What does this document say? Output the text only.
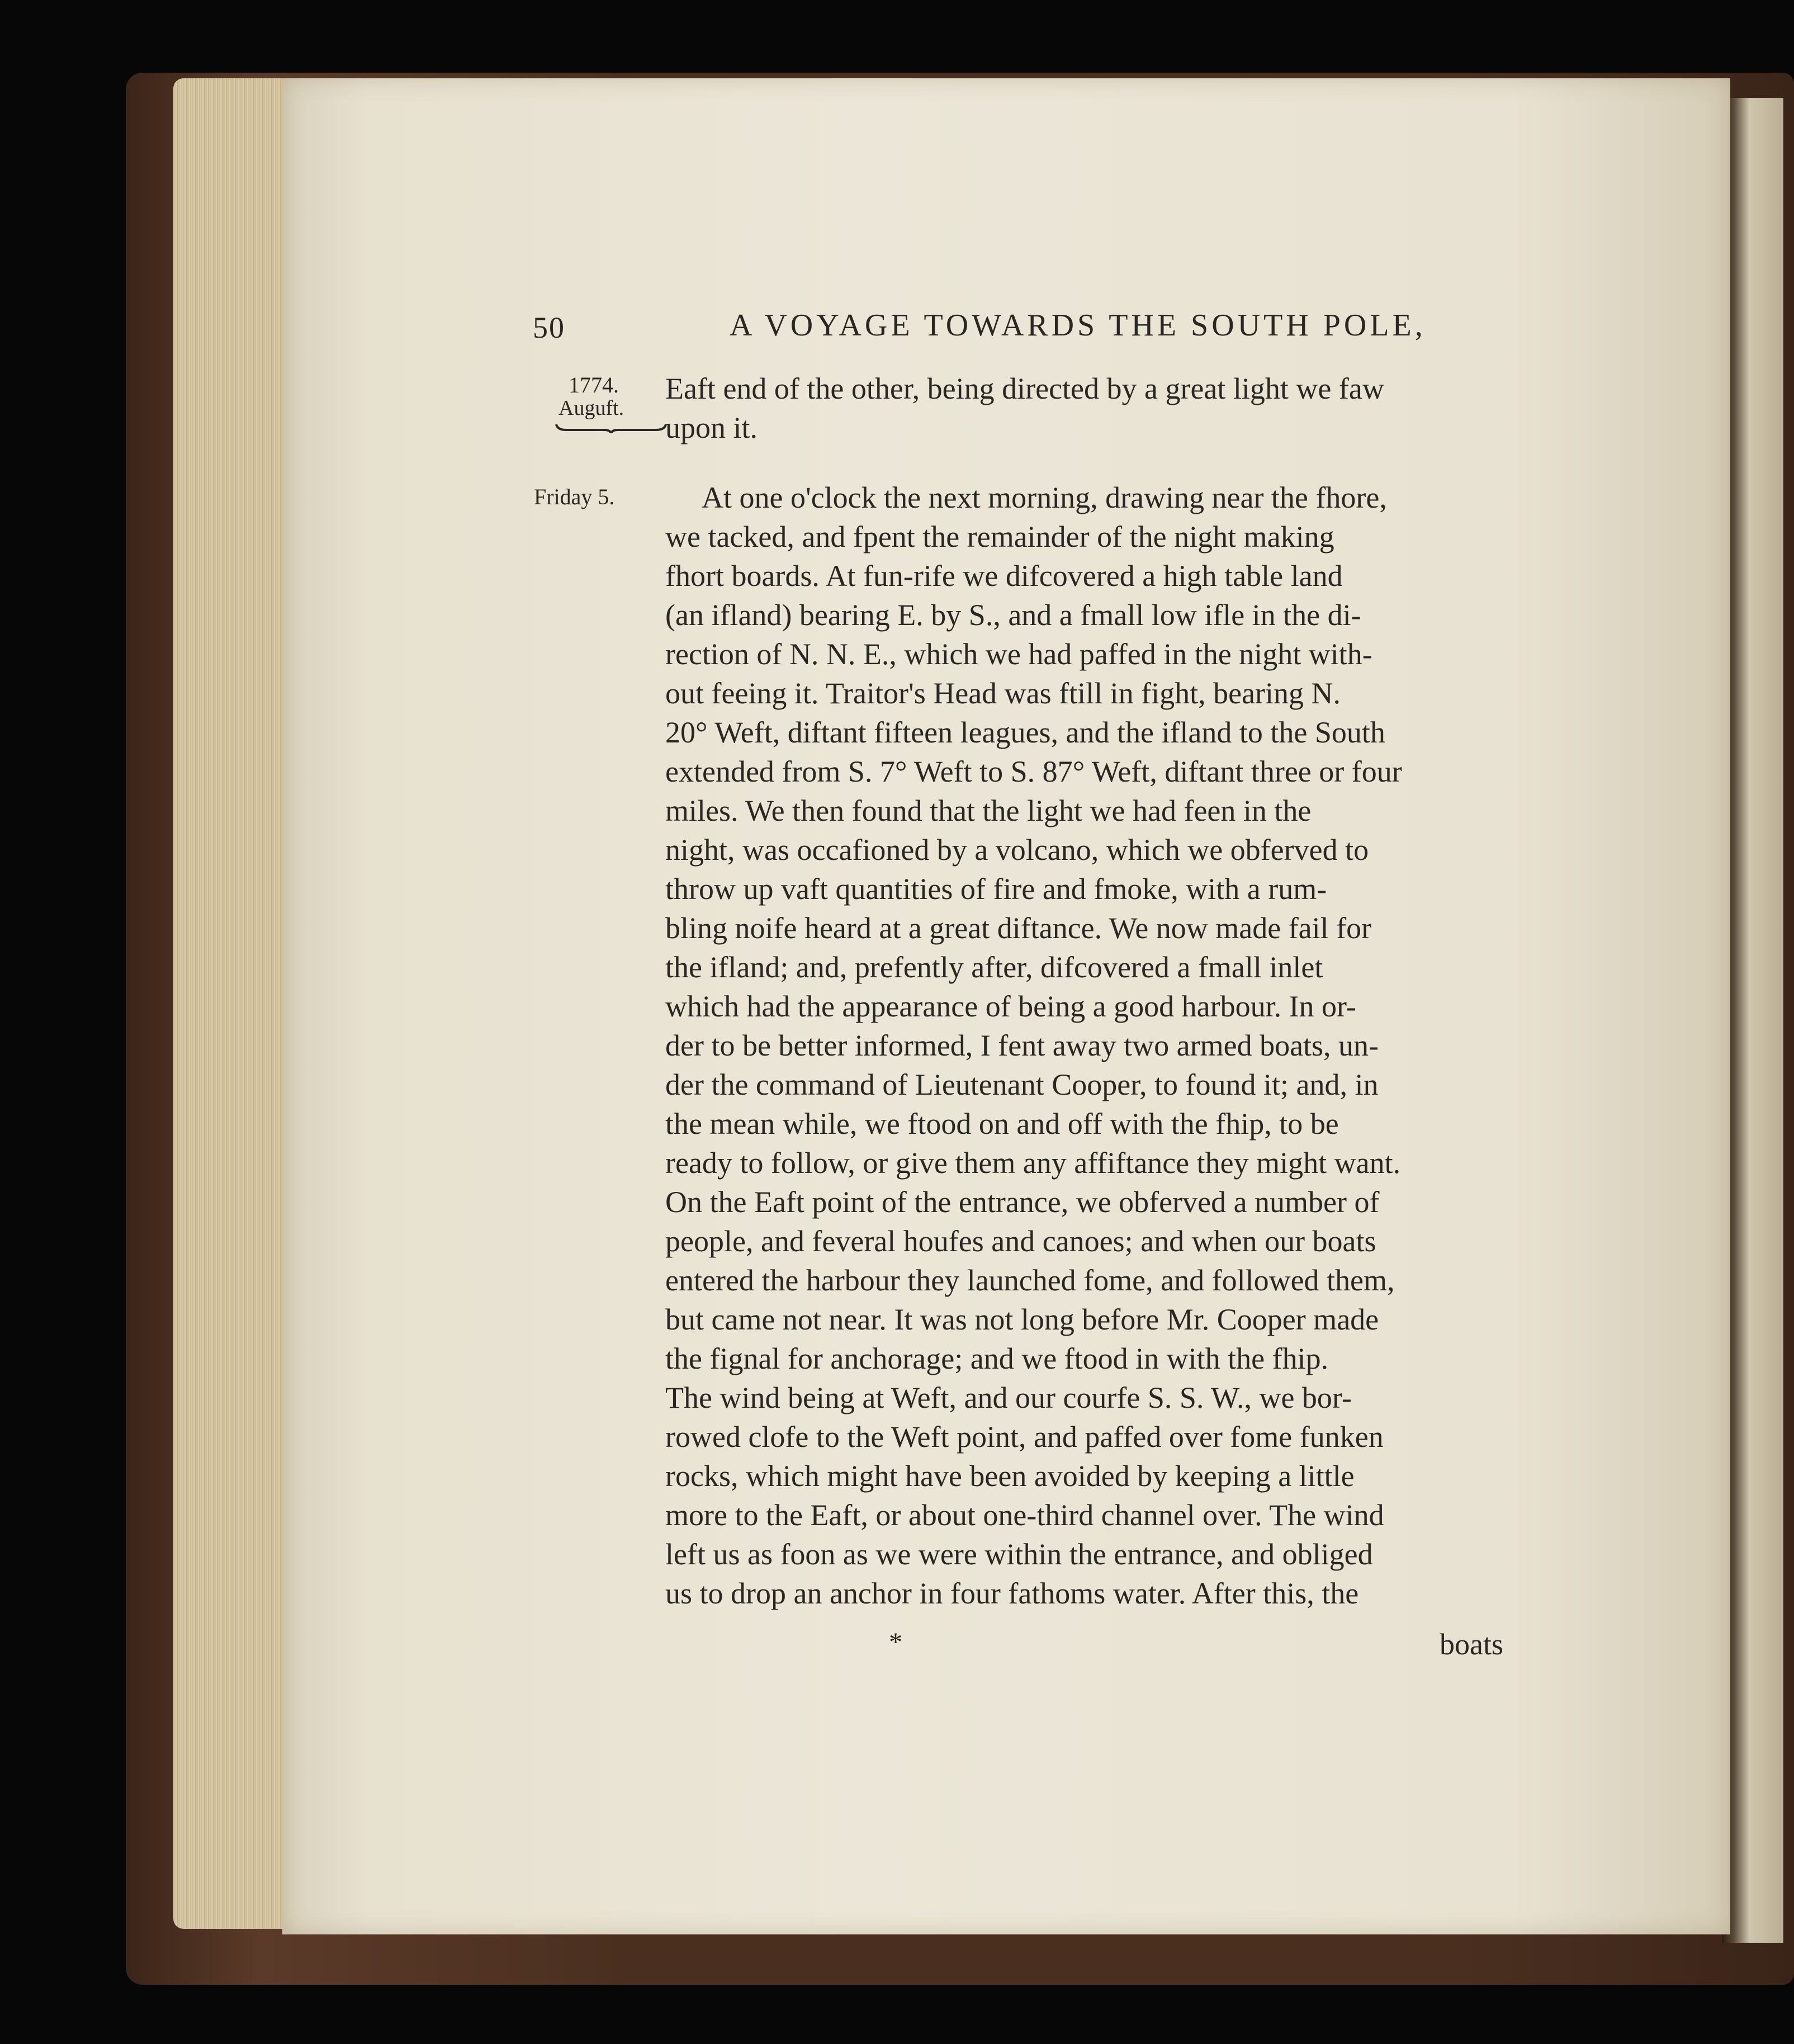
50	A VOYAGE TOWARDS THE SOUTH POLE,
1774.
Auguft.
Friday 5.
Eaft end of the other, being directed by a great light we faw
upon it.
At one o'clock the next morning, drawing near the fhore,
we tacked, and fpent the remainder of the night making
fhort boards. At fun-rife we difcovered a high table land
(an ifland) bearing E. by S., and a fmall low ifle in the di-
rection of N. N. E., which we had paffed in the night with-
out feeing it. Traitor's Head was ftill in fight, bearing N.
20° Weft, diftant fifteen leagues, and the ifland to the South
extended from S. 7° Weft to S. 87° Weft, diftant three or four
miles. We then found that the light we had feen in the
night, was occafioned by a volcano, which we obferved to
throw up vaft quantities of fire and fmoke, with a rum-
bling noife heard at a great diftance. We now made fail for
the ifland; and, prefently after, difcovered a fmall inlet
which had the appearance of being a good harbour. In or-
der to be better informed, I fent away two armed boats, un-
der the command of Lieutenant Cooper, to found it; and, in
the mean while, we ftood on and off with the fhip, to be
ready to follow, or give them any affiftance they might want.
On the Eaft point of the entrance, we obferved a number of
people, and feveral houfes and canoes; and when our boats
entered the harbour they launched fome, and followed them,
but came not near. It was not long before Mr. Cooper made
the fignal for anchorage; and we ftood in with the fhip.
The wind being at Weft, and our courfe S. S. W., we bor-
rowed clofe to the Weft point, and paffed over fome funken
rocks, which might have been avoided by keeping a little
more to the Eaft, or about one-third channel over. The wind
left us as foon as we were within the entrance, and obliged
us to drop an anchor in four fathoms water. After this, the
*	boats
